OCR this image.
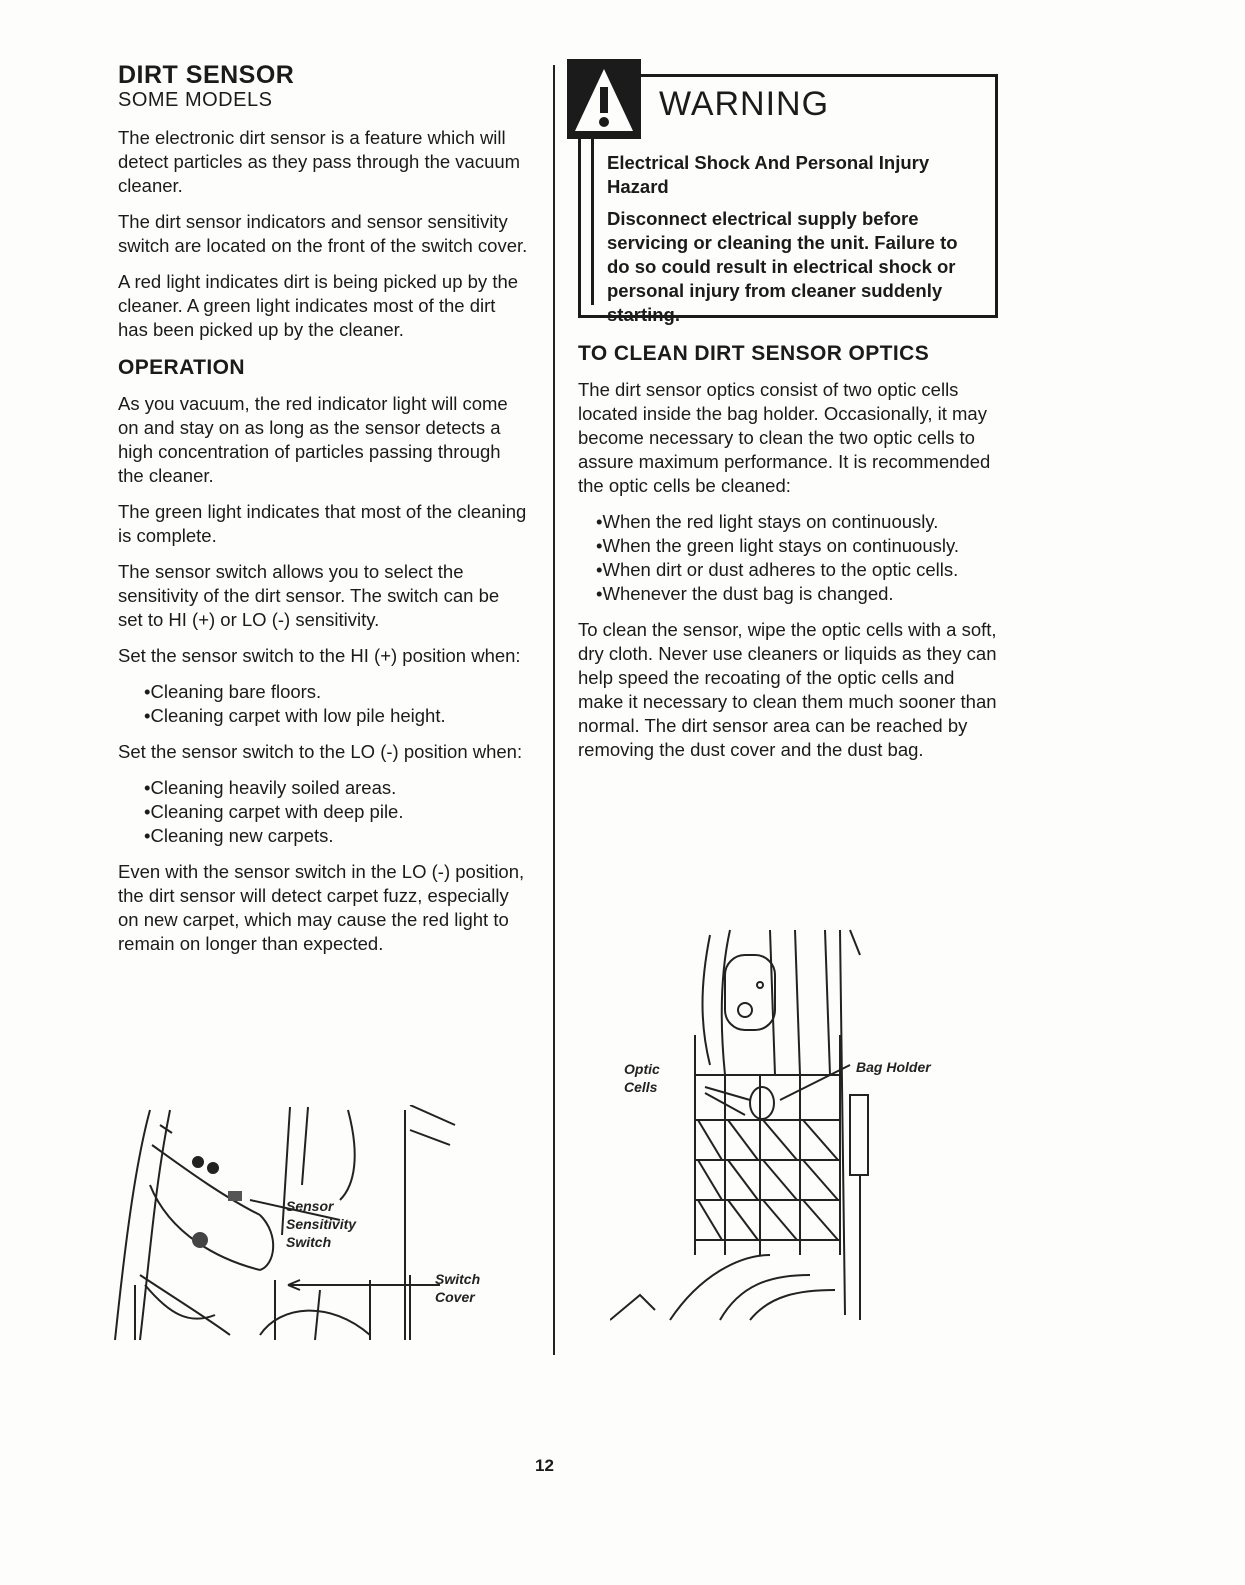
DIRT SENSOR
SOME MODELS

The electronic dirt sensor is a feature which will detect particles as they pass through the vacuum cleaner.

The dirt sensor indicators and sensor sensitivity switch are located on the front of the switch cover.

A red light indicates dirt is being picked up by the cleaner. A green light indicates most of the dirt has been picked up by the cleaner.

OPERATION

As you vacuum, the red indicator light will come on and stay on as long as the sensor detects a high concentration of particles passing through the cleaner.

The green light indicates that most of the cleaning is complete.

The sensor switch allows you to select the sensitivity of the dirt sensor. The switch can be set to HI (+) or LO (-) sensitivity.

Set the sensor switch to the HI (+) position when:

• Cleaning bare floors.
• Cleaning carpet with low pile height.

Set the sensor switch to the LO (-) position when:

• Cleaning heavily soiled areas.
• Cleaning carpet with deep pile.
• Cleaning new carpets.

Even with the sensor switch in the LO (-) position, the dirt sensor will detect carpet fuzz, especially on new carpet, which may cause the red light to remain on longer than expected.

Sensor
Sensitivity
Switch
Switch
Cover
WARNING

Electrical Shock And Personal Injury Hazard

Disconnect electrical supply before servicing or cleaning the unit. Failure to do so could result in electrical shock or personal injury from cleaner suddenly starting.

TO CLEAN DIRT SENSOR OPTICS

The dirt sensor optics consist of two optic cells located inside the bag holder. Occasionally, it may become necessary to clean the two optic cells to assure maximum performance. It is recommended the optic cells be cleaned:

• When the red light stays on continuously.
• When the green light stays on continuously.
• When dirt or dust adheres to the optic cells.
• Whenever the dust bag is changed.

To clean the sensor, wipe the optic cells with a soft, dry cloth. Never use cleaners or liquids as they can help speed the recoating of the optic cells and make it necessary to clean them much sooner than normal. The dirt sensor area can be reached by removing the dust cover and the dust bag.

Optic
Cells
Bag Holder
12
